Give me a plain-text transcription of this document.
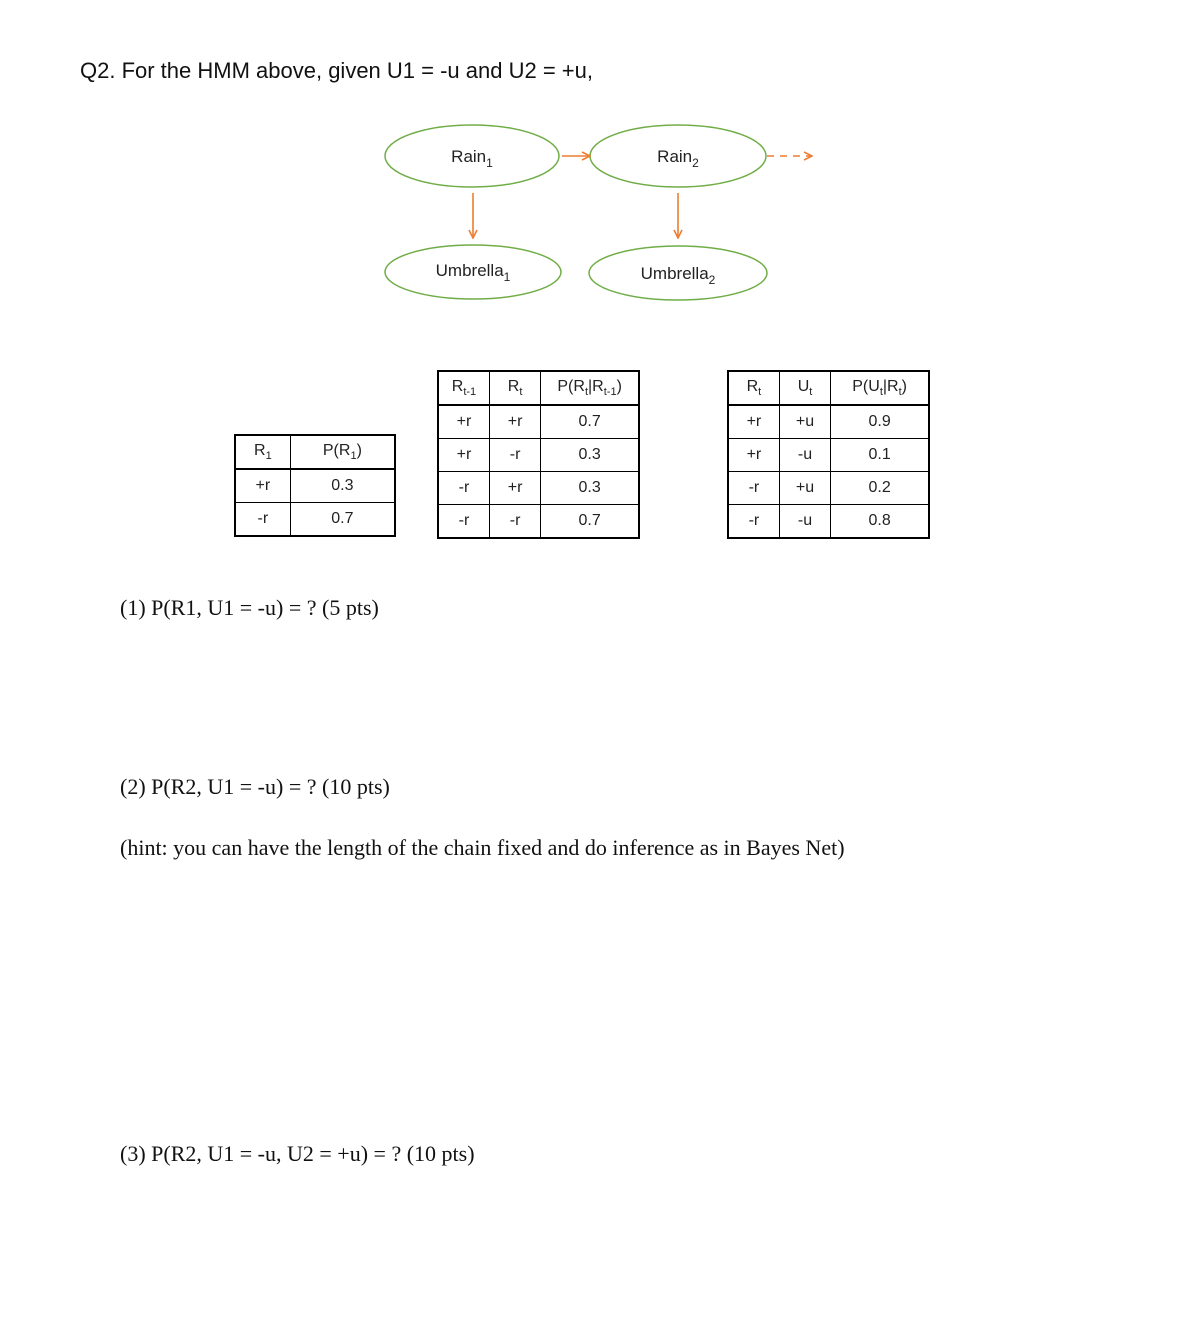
Q2. For the HMM above, given U1 = -u and U2 = +u,
Rain$_1$	Rain$_2$
Umbrella$_1$	Umbrella$_2$
$R_1$	$P(R_1)$
+r	0.3
-r	0.7
$R_{t-1}$	$R_t$	$P(R_t|R_{t-1})$
+r	+r	0.7
+r	-r	0.3
-r	+r	0.3
-r	-r	0.7
$R_t$	$U_t$	$P(U_t|R_t)$
+r	+u	0.9
+r	-u	0.1
-r	+u	0.2
-r	-u	0.8

(1) P(R1, U1 = -u) = ? (5 pts)

(2) P(R2, U1 = -u) = ? (10 pts)

(hint: you can have the length of the chain fixed and do inference as in Bayes Net)

(3) P(R2, U1 = -u, U2 = +u) = ? (10 pts)
